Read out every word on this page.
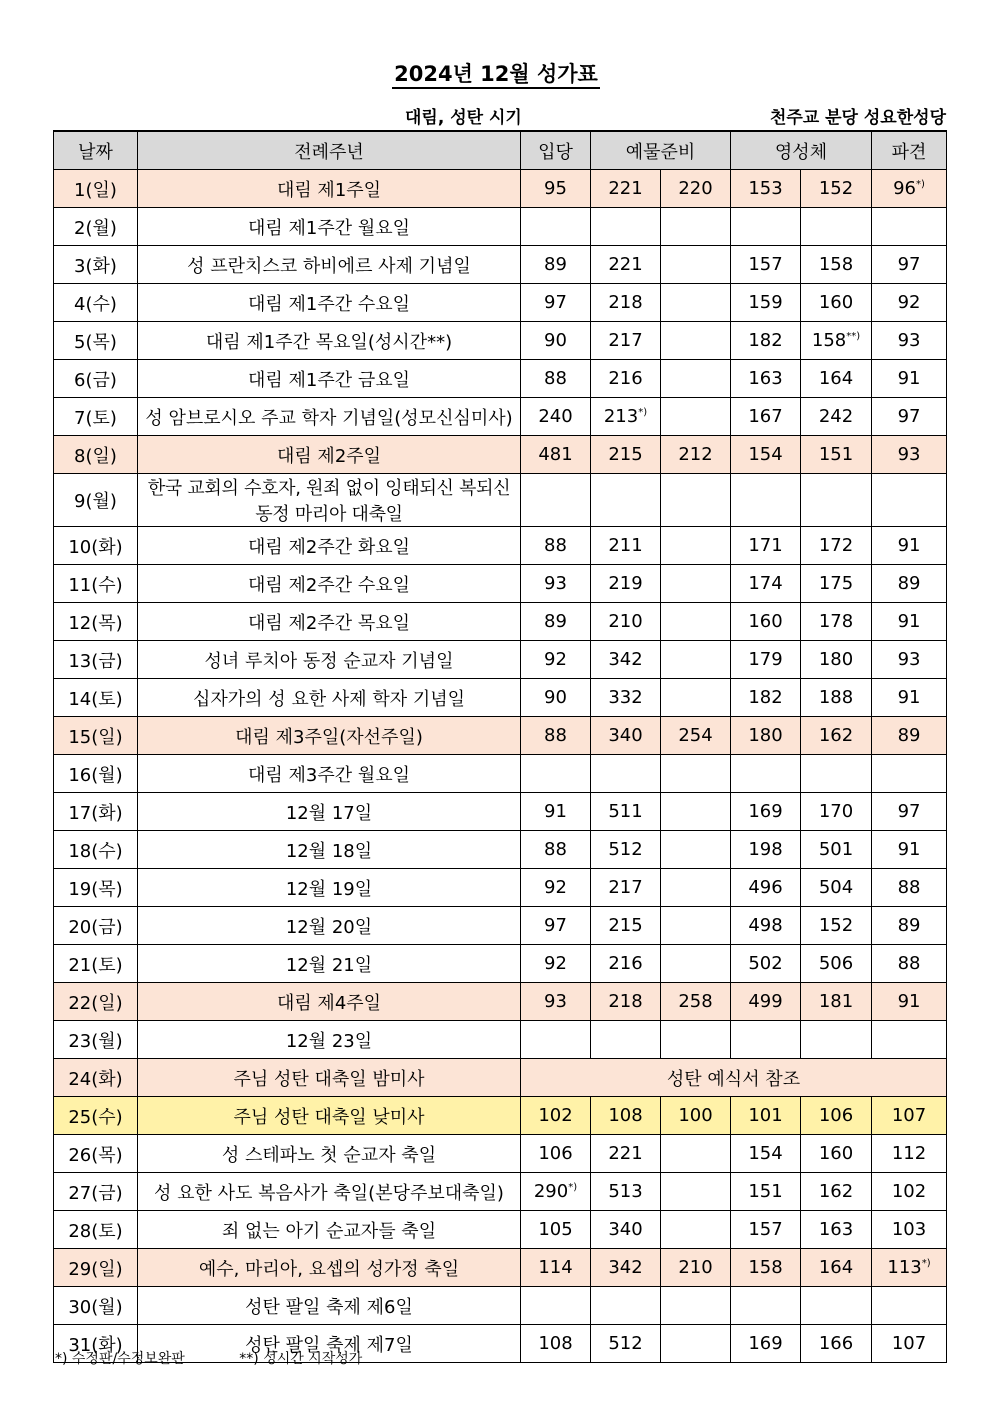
2024년 12월 성가표
대림, 성탄 시기	천주교 분당 성요한성당
날짜	전례주년	입당	예물준비		영성체		파견
1(일)	대림 제1주일	95	221	220	153	152	96*)
2(월)	대림 제1주간 월요일						
3(화)	성 프란치스코 하비에르 사제 기념일	89	221		157	158	97
4(수)	대림 제1주간 수요일	97	218		159	160	92
5(목)	대림 제1주간 목요일(성시간**)	90	217		182	158**)	93
6(금)	대림 제1주간 금요일	88	216		163	164	91
7(토)	성 암브로시오 주교 학자 기념일(성모신심미사)	240	213*)		167	242	97
8(일)	대림 제2주일	481	215	212	154	151	93
9(월)	한국 교회의 수호자, 원죄 없이 잉태되신 복되신 동정 마리아 대축일						
10(화)	대림 제2주간 화요일	88	211		171	172	91
11(수)	대림 제2주간 수요일	93	219		174	175	89
12(목)	대림 제2주간 목요일	89	210		160	178	91
13(금)	성녀 루치아 동정 순교자 기념일	92	342		179	180	93
14(토)	십자가의 성 요한 사제 학자 기념일	90	332		182	188	91
15(일)	대림 제3주일(자선주일)	88	340	254	180	162	89
16(월)	대림 제3주간 월요일						
17(화)	12월 17일	91	511		169	170	97
18(수)	12월 18일	88	512		198	501	91
19(목)	12월 19일	92	217		496	504	88
20(금)	12월 20일	97	215		498	152	89
21(토)	12월 21일	92	216		502	506	88
22(일)	대림 제4주일	93	218	258	499	181	91
23(월)	12월 23일						
24(화)	주님 성탄 대축일 밤미사	성탄 예식서 참조					
25(수)	주님 성탄 대축일 낮미사	102	108	100	101	106	107
26(목)	성 스테파노 첫 순교자 축일	106	221		154	160	112
27(금)	성 요한 사도 복음사가 축일(본당주보대축일)	290*)	513		151	162	102
28(토)	죄 없는 아기 순교자들 축일	105	340		157	163	103
29(일)	예수, 마리아, 요셉의 성가정 축일	114	342	210	158	164	113*)
30(월)	성탄 팔일 축제 제6일						
31(화)	성탄 팔일 축제 제7일	108	512		169	166	107
*) 수정판/수정보완판	**) 성시간 시작성가
